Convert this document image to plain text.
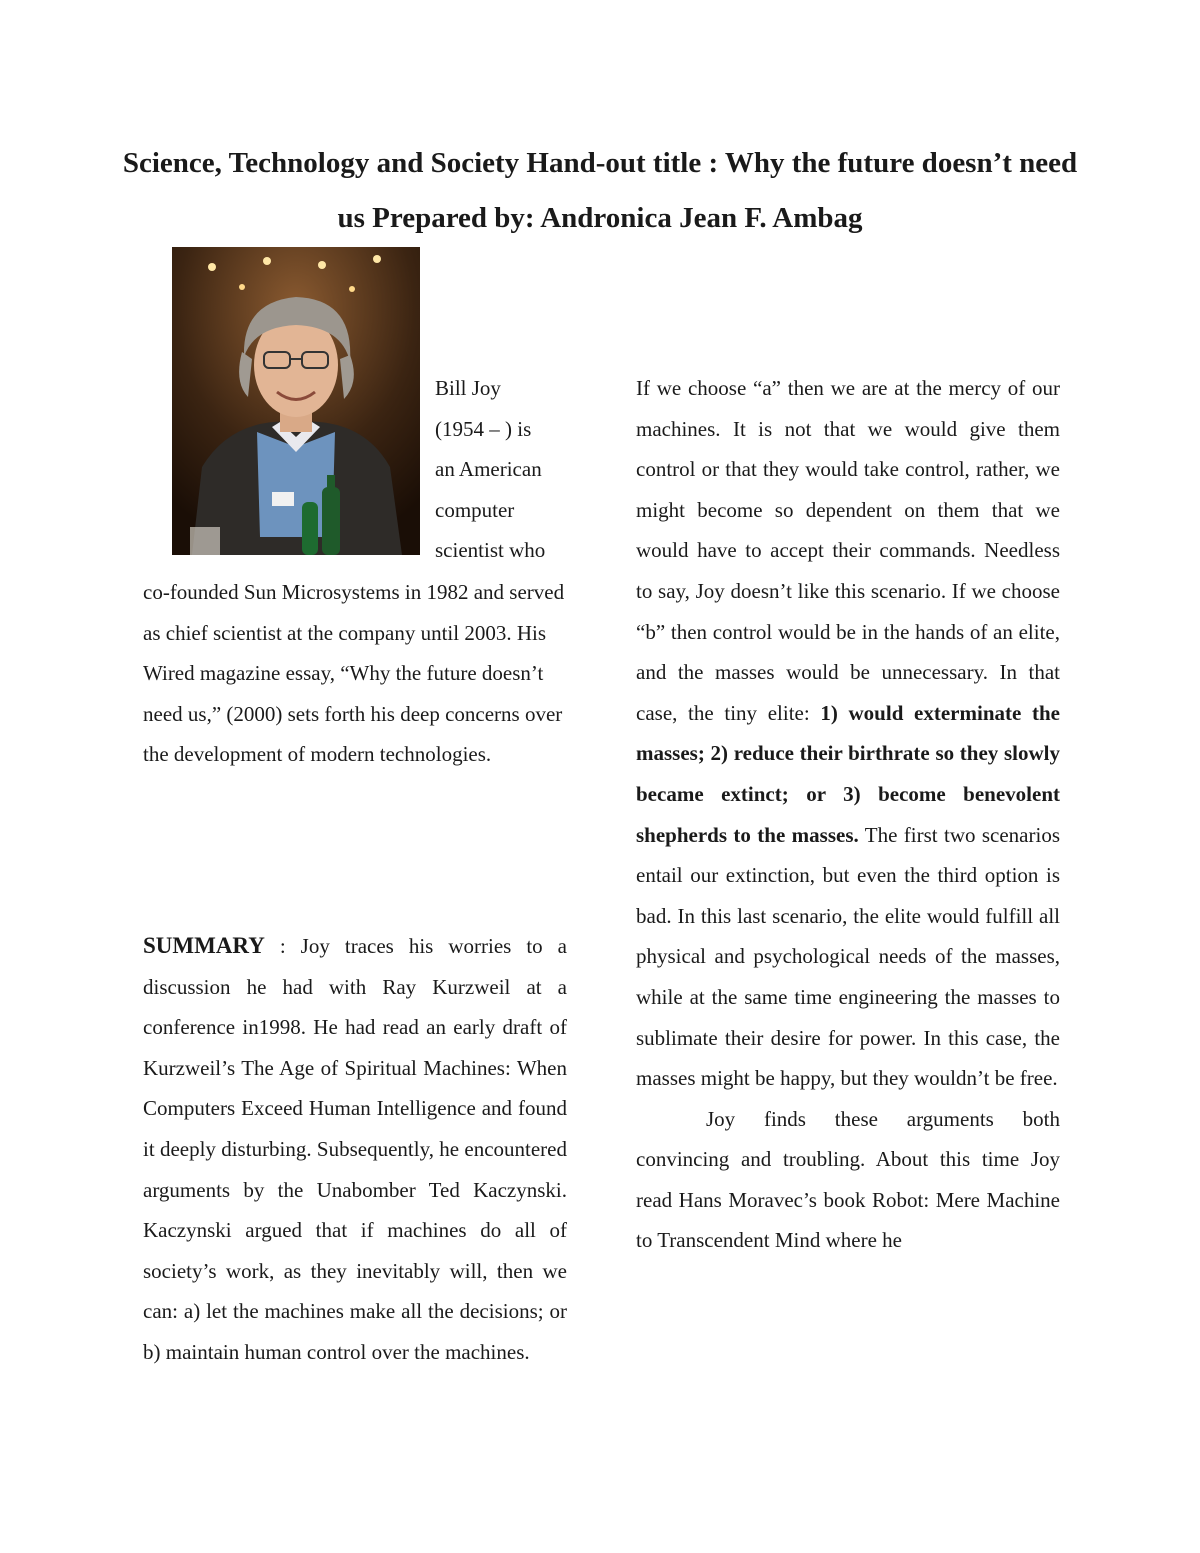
Science, Technology and Society Hand-out title : Why the future doesn’t need us Prepared by: Andronica Jean F. Ambag
Bill Joy
(1954 – ) is
an American
computer
scientist who

co-founded Sun Microsystems in 1982 and served as chief scientist at the company until 2003. His Wired magazine essay, “Why the future doesn’t need us,” (2000) sets forth his deep concerns over the development of modern technologies.

SUMMARY : Joy traces his worries to a discussion he had with Ray Kurzweil at a conference in1998. He had read an early draft of Kurzweil’s The Age of Spiritual Machines: When Computers Exceed Human Intelligence and found it deeply disturbing. Subsequently, he encountered arguments by the Unabomber Ted Kaczynski. Kaczynski argued that if machines do all of society’s work, as they inevitably will, then we can: a) let the machines make all the decisions; or b) maintain human control over the machines.

If we choose “a” then we are at the mercy of our machines. It is not that we would give them control or that they would take control, rather, we might become so dependent on them that we would have to accept their commands. Needless to say, Joy doesn’t like this scenario. If we choose “b” then control would be in the hands of an elite, and the masses would be unnecessary. In that case, the tiny elite: 1) would exterminate the masses; 2) reduce their birthrate so they slowly became extinct; or 3) become benevolent shepherds to the masses. The first two scenarios entail our extinction, but even the third option is bad. In this last scenario, the elite would fulfill all physical and psychological needs of the masses, while at the same time engineering the masses to sublimate their desire for power. In this case, the masses might be happy, but they wouldn’t be free.

Joy finds these arguments both convincing and troubling. About this time Joy read Hans Moravec’s book Robot: Mere Machine to Transcendent Mind where he
